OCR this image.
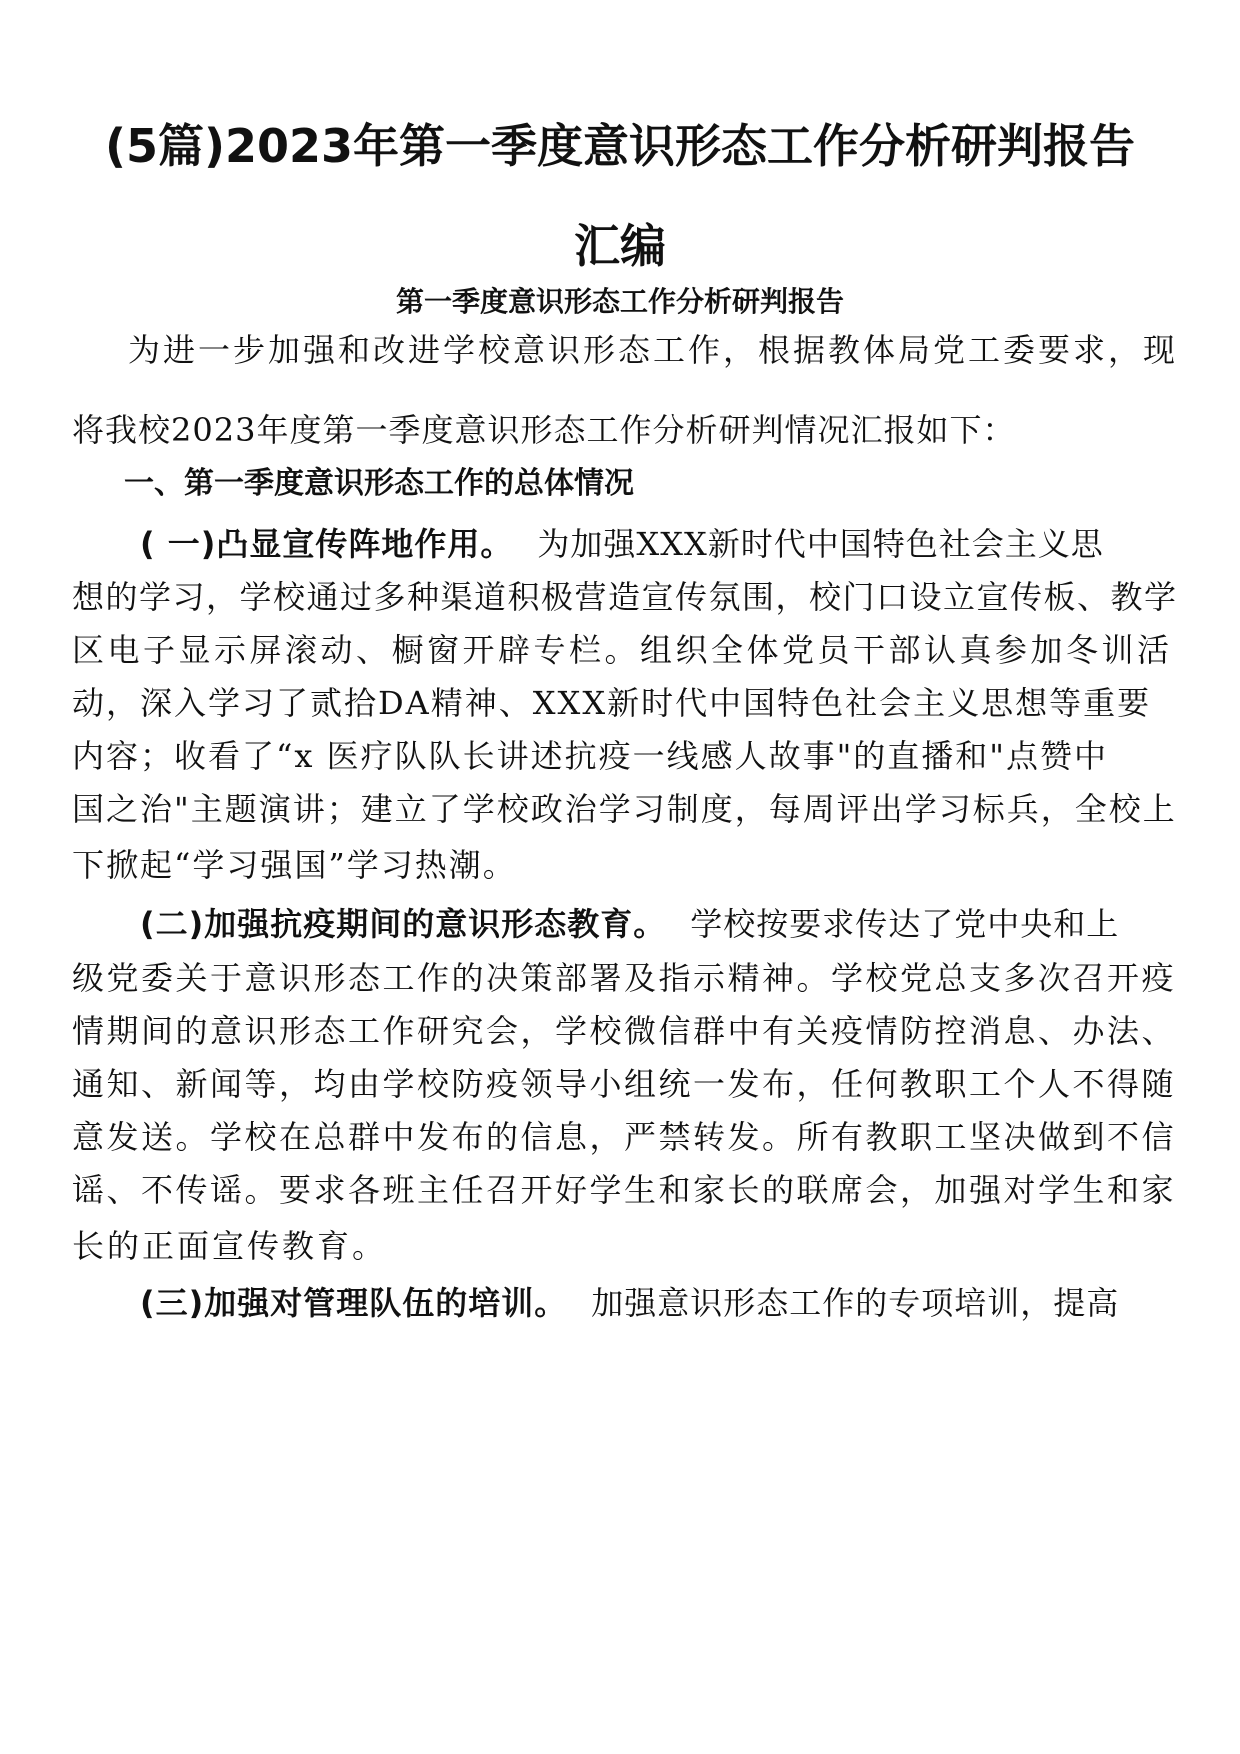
(5篇)2023年第一季度意识形态工作分析研判报告
汇编
第一季度意识形态工作分析研判报告
为进一步加强和改进学校意识形态工作，根据教体局党工委要求，现
将我校2023年度第一季度意识形态工作分析研判情况汇报如下：
一、第一季度意识形态工作的总体情况
( 一)凸显宣传阵地作用。 为加强XXX新时代中国特色社会主义思
想的学习，学校通过多种渠道积极营造宣传氛围，校门口设立宣传板、教学
区电子显示屏滚动、橱窗开辟专栏。组织全体党员干部认真参加冬训活
动，深入学习了贰拾DA精神、XXX新时代中国特色社会主义思想等重要
内容；收看了“x 医疗队队长讲述抗疫一线感人故事"的直播和"点赞中
国之治"主题演讲；建立了学校政治学习制度，每周评出学习标兵，全校上
下掀起“学习强国”学习热潮。
(二)加强抗疫期间的意识形态教育。 学校按要求传达了党中央和上
级党委关于意识形态工作的决策部署及指示精神。学校党总支多次召开疫
情期间的意识形态工作研究会，学校微信群中有关疫情防控消息、办法、
通知、新闻等，均由学校防疫领导小组统一发布，任何教职工个人不得随
意发送。学校在总群中发布的信息，严禁转发。所有教职工坚决做到不信
谣、不传谣。要求各班主任召开好学生和家长的联席会，加强对学生和家
长的正面宣传教育。
(三)加强对管理队伍的培训。 加强意识形态工作的专项培训，提高
